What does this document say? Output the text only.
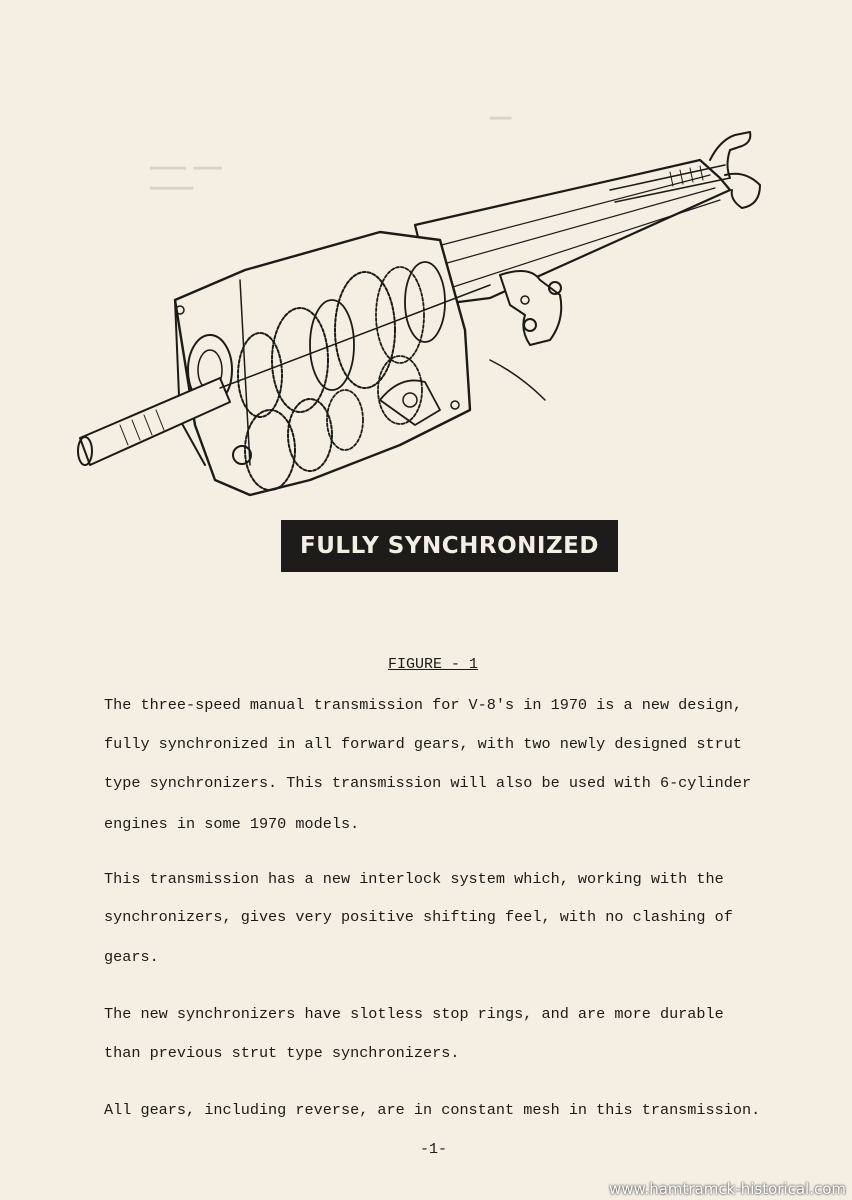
▬▬▬▬▬ ▬▬▬▬
▬▬▬▬▬▬
▬▬▬
FULLY SYNCHRONIZED
FIGURE - 1
The three-speed manual transmission for V-8's in 1970 is a new design,
fully synchronized in all forward gears, with two newly designed strut
type synchronizers. This transmission will also be used with 6-cylinder
engines in some 1970 models.
This transmission has a new interlock system which, working with the
synchronizers, gives very positive shifting feel, with no clashing of
gears.
The new synchronizers have slotless stop rings, and are more durable
than previous strut type synchronizers.
All gears, including reverse, are in constant mesh in this transmission.
-1-
www.hamtramck-historical.com
